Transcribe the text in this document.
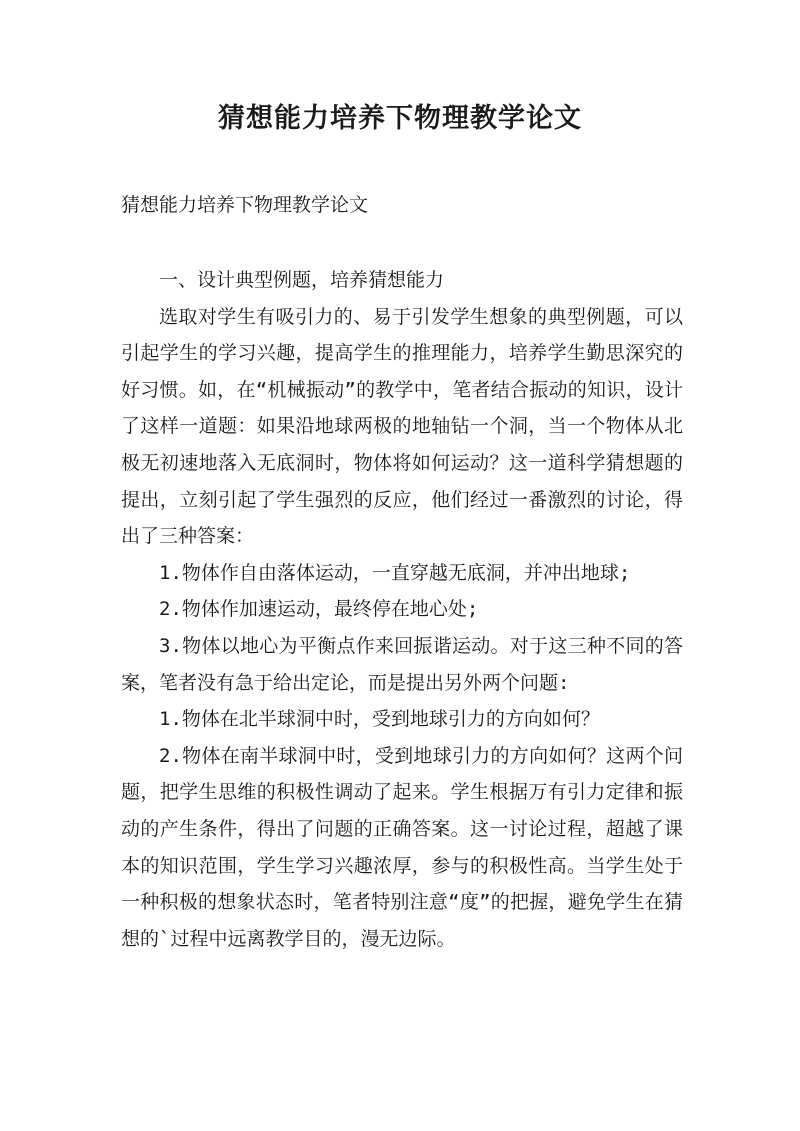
猜想能力培养下物理教学论文
猜想能力培养下物理教学论文

一、设计典型例题，培养猜想能力

选取对学生有吸引力的、易于引发学生想象的典型例题，可以引起学生的学习兴趣，提高学生的推理能力，培养学生勤思深究的好习惯。如，在“机械振动”的教学中，笔者结合振动的知识，设计了这样一道题：如果沿地球两极的地轴钻一个洞，当一个物体从北极无初速地落入无底洞时，物体将如何运动？这一道科学猜想题的提出，立刻引起了学生强烈的反应，他们经过一番激烈的讨论，得出了三种答案：

1.物体作自由落体运动，一直穿越无底洞，并冲出地球;

2.物体作加速运动，最终停在地心处;

3.物体以地心为平衡点作来回振谐运动。对于这三种不同的答案，笔者没有急于给出定论，而是提出另外两个问题:

1.物体在北半球洞中时，受到地球引力的方向如何？

2.物体在南半球洞中时，受到地球引力的方向如何？这两个问题，把学生思维的积极性调动了起来。学生根据万有引力定律和振动的产生条件，得出了问题的正确答案。这一讨论过程，超越了课本的知识范围，学生学习兴趣浓厚，参与的积极性高。当学生处于一种积极的想象状态时，笔者特别注意“度”的把握，避免学生在猜想的`过程中远离教学目的，漫无边际。
